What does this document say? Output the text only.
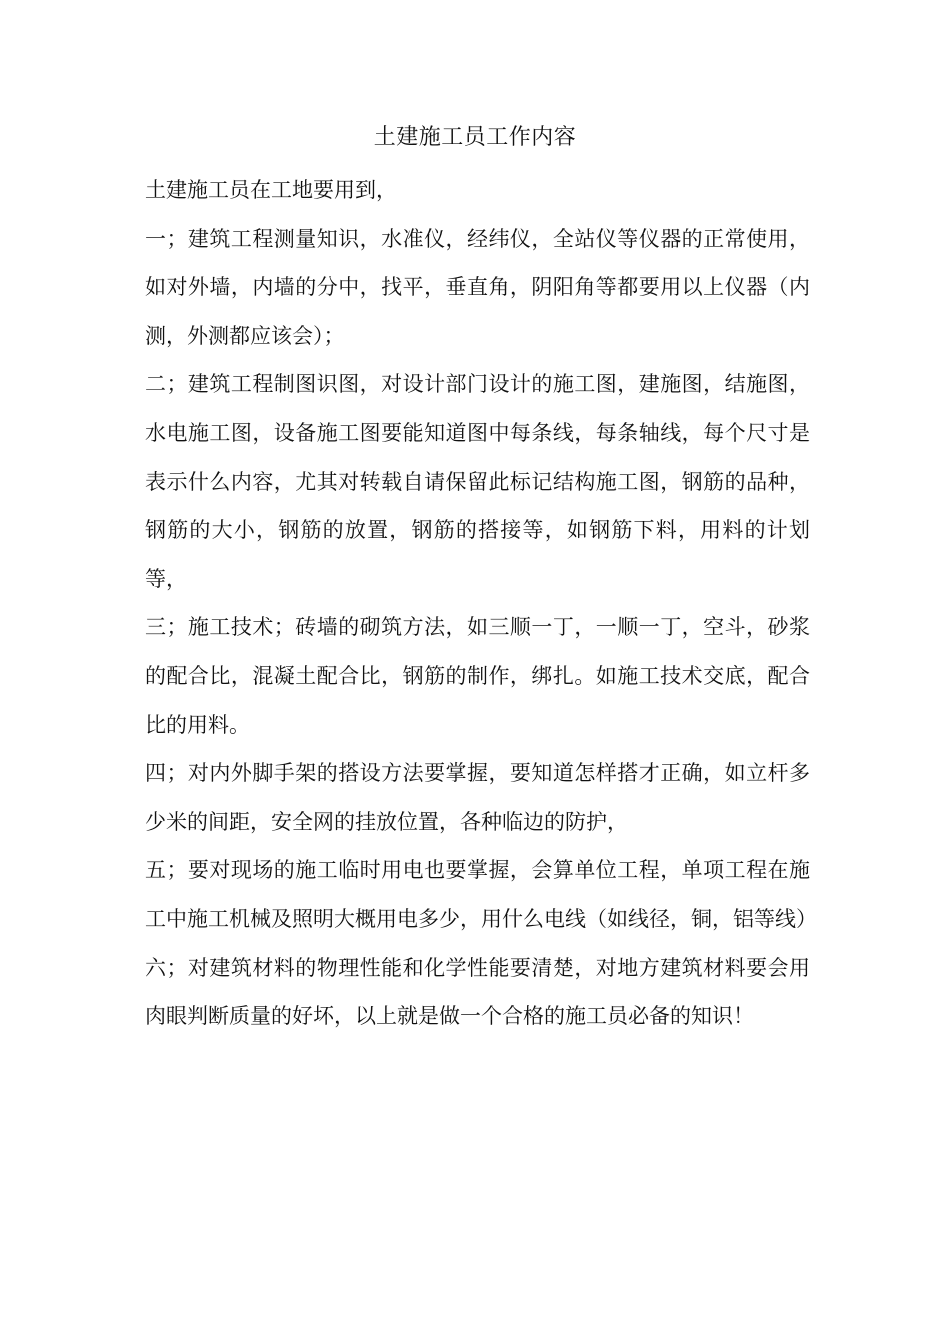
土建施工员工作内容

土建施工员在工地要用到，

一；建筑工程测量知识，水准仪，经纬仪，全站仪等仪器的正常使用，如对外墙，内墙的分中，找平，垂直角，阴阳角等都要用以上仪器（内测，外测都应该会）；

二；建筑工程制图识图，对设计部门设计的施工图，建施图，结施图，水电施工图，设备施工图要能知道图中每条线，每条轴线，每个尺寸是表示什么内容，尤其对转载自请保留此标记结构施工图，钢筋的品种，钢筋的大小，钢筋的放置，钢筋的搭接等，如钢筋下料，用料的计划等，

三；施工技术；砖墙的砌筑方法，如三顺一丁，一顺一丁，空斗，砂浆的配合比，混凝土配合比，钢筋的制作，绑扎。如施工技术交底，配合比的用料。

四；对内外脚手架的搭设方法要掌握，要知道怎样搭才正确，如立杆多少米的间距，安全网的挂放位置，各种临边的防护，

五；要对现场的施工临时用电也要掌握，会算单位工程，单项工程在施工中施工机械及照明大概用电多少，用什么电线（如线径，铜，铝等线）

六；对建筑材料的物理性能和化学性能要清楚，对地方建筑材料要会用肉眼判断质量的好坏，以上就是做一个合格的施工员必备的知识！
